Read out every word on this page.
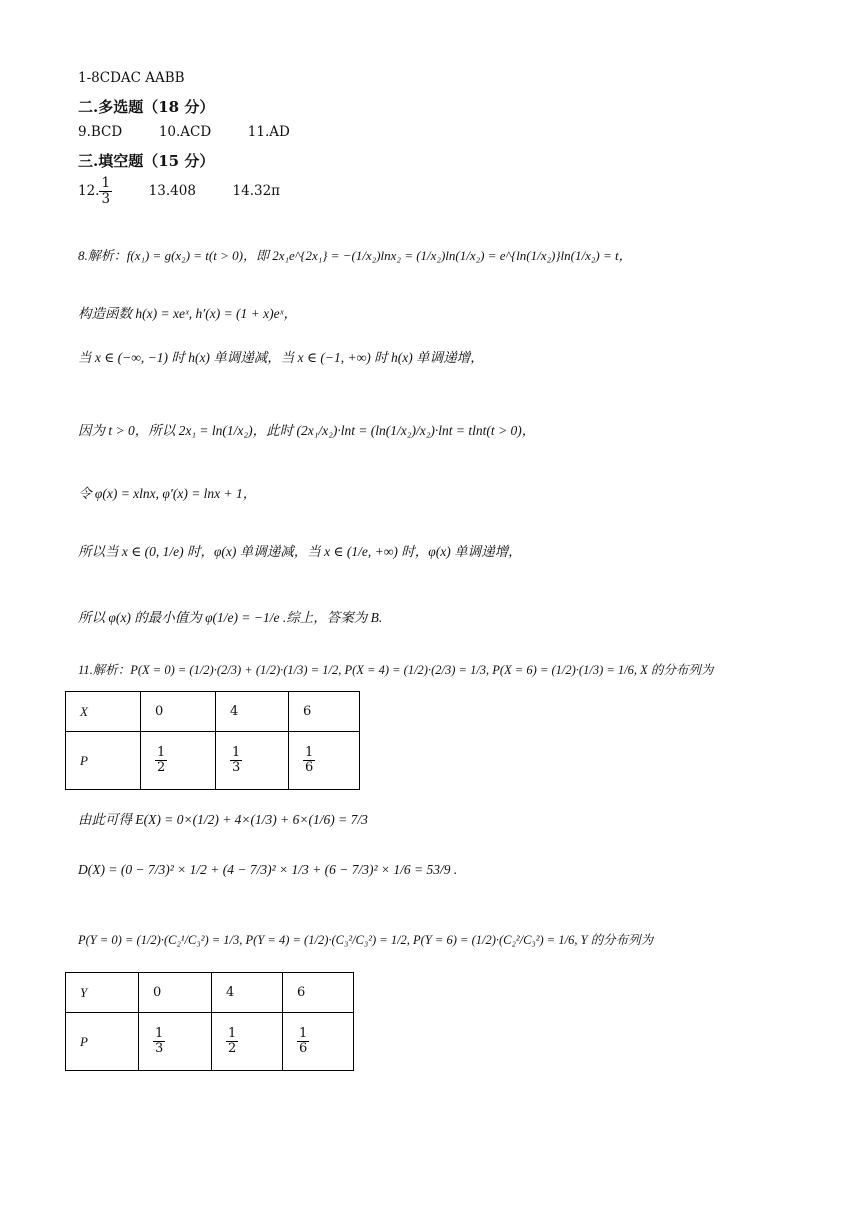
1-8CDAC AABB
二.多选题（18 分）
9.BCD	10.ACD	11.AD
三.填空题（15 分）
12. $\frac{1}{3}$	13.408	14.32π
8.解析：f(x₁) = g(x₂) = t(t > 0)，即 2x₁e^{2x₁} = −(1/x₂)lnx₂ = (1/x₂)ln(1/x₂) = e^{ln(1/x₂)}ln(1/x₂) = t，
构造函数 h(x) = xeˣ, h′(x) = (1 + x)eˣ，
当 x ∈ (−∞, −1) 时 h(x) 单调递减，当 x ∈ (−1, +∞) 时 h(x) 单调递增，
因为 t > 0，所以 2x₁ = ln(1/x₂)，此时 (2x₁/x₂)·lnt = (ln(1/x₂)/x₂)·lnt = tlnt(t > 0)，
令 φ(x) = xlnx, φ′(x) = lnx + 1，
所以当 x ∈ (0, 1/e) 时，φ(x) 单调递减，当 x ∈ (1/e, +∞) 时，φ(x) 单调递增，
所以 φ(x) 的最小值为 φ(1/e) = −1/e .综上，答案为 B.
11.解析：P(X = 0) = (1/2)·(2/3) + (1/2)·(1/3) = 1/2, P(X = 4) = (1/2)·(2/3) = 1/3, P(X = 6) = (1/2)·(1/3) = 1/6, X 的分布列为
X	0	4	6
P	$\frac{1}{2}$	$\frac{1}{3}$	$\frac{1}{6}$
由此可得 E(X) = 0×(1/2) + 4×(1/3) + 6×(1/6) = 7/3
D(X) = (0 − 7/3)² × 1/2 + (4 − 7/3)² × 1/3 + (6 − 7/3)² × 1/6 = 53/9 .
P(Y = 0) = (1/2)·(C₂¹/C₃²) = 1/3, P(Y = 4) = (1/2)·(C₃²/C₃²) = 1/2, P(Y = 6) = (1/2)·(C₂²/C₃²) = 1/6, Y 的分布列为
Y	0	4	6
P	$\frac{1}{3}$	$\frac{1}{2}$	$\frac{1}{6}$
